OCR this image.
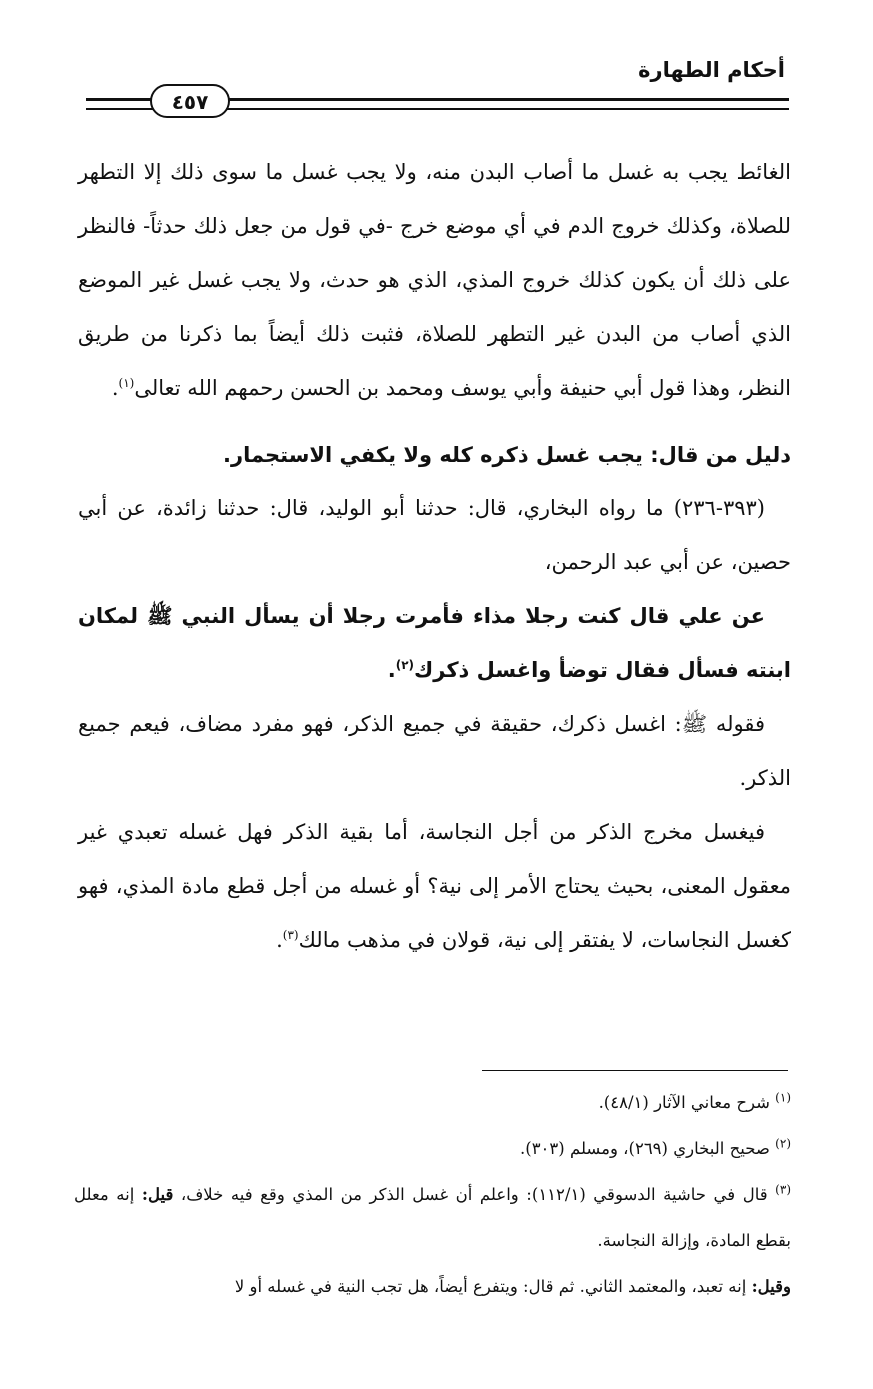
أحكام الطهارة
٤٥٧

الغائط يجب به غسل ما أصاب البدن منه، ولا يجب غسل ما سوى ذلك إلا التطهر للصلاة، وكذلك خروج الدم في أي موضع خرج -في قول من جعل ذلك حدثاً- فالنظر على ذلك أن يكون كذلك خروج المذي، الذي هو حدث، ولا يجب غسل غير الموضع الذي أصاب من البدن غير التطهر للصلاة، فثبت ذلك أيضاً بما ذكرنا من طريق النظر، وهذا قول أبي حنيفة وأبي يوسف ومحمد بن الحسن رحمهم الله تعالى$^{(١)}$.

دليل من قال: يجب غسل ذكره كله ولا يكفي الاستجمار.

(٣٩٣-٢٣٦) ما رواه البخاري، قال: حدثنا أبو الوليد، قال: حدثنا زائدة، عن أبي حصين، عن أبي عبد الرحمن،

عن علي قال كنت رجلا مذاء فأمرت رجلا أن يسأل النبي ﷺ لمكان ابنته فسأل فقال توضأ واغسل ذكرك$^{(٢)}$.

فقوله ﷺ: اغسل ذكرك، حقيقة في جميع الذكر، فهو مفرد مضاف، فيعم جميع الذكر.

فيغسل مخرج الذكر من أجل النجاسة، أما بقية الذكر فهل غسله تعبدي غير معقول المعنى، بحيث يحتاج الأمر إلى نية؟ أو غسله من أجل قطع مادة المذي، فهو كغسل النجاسات، لا يفتقر إلى نية، قولان في مذهب مالك$^{(٣)}$.

$^{(١)}$ شرح معاني الآثار (٤٨/١).

$^{(٢)}$ صحيح البخاري (٢٦٩)، ومسلم (٣٠٣).

$^{(٣)}$ قال في حاشية الدسوقي (١١٢/١): واعلم أن غسل الذكر من المذي وقع فيه خلاف، قيل: إنه معلل بقطع المادة، وإزالة النجاسة.

وقيل: إنه تعبد، والمعتمد الثاني. ثم قال: ويتفرع أيضاً، هل تجب النية في غسله أو لا
